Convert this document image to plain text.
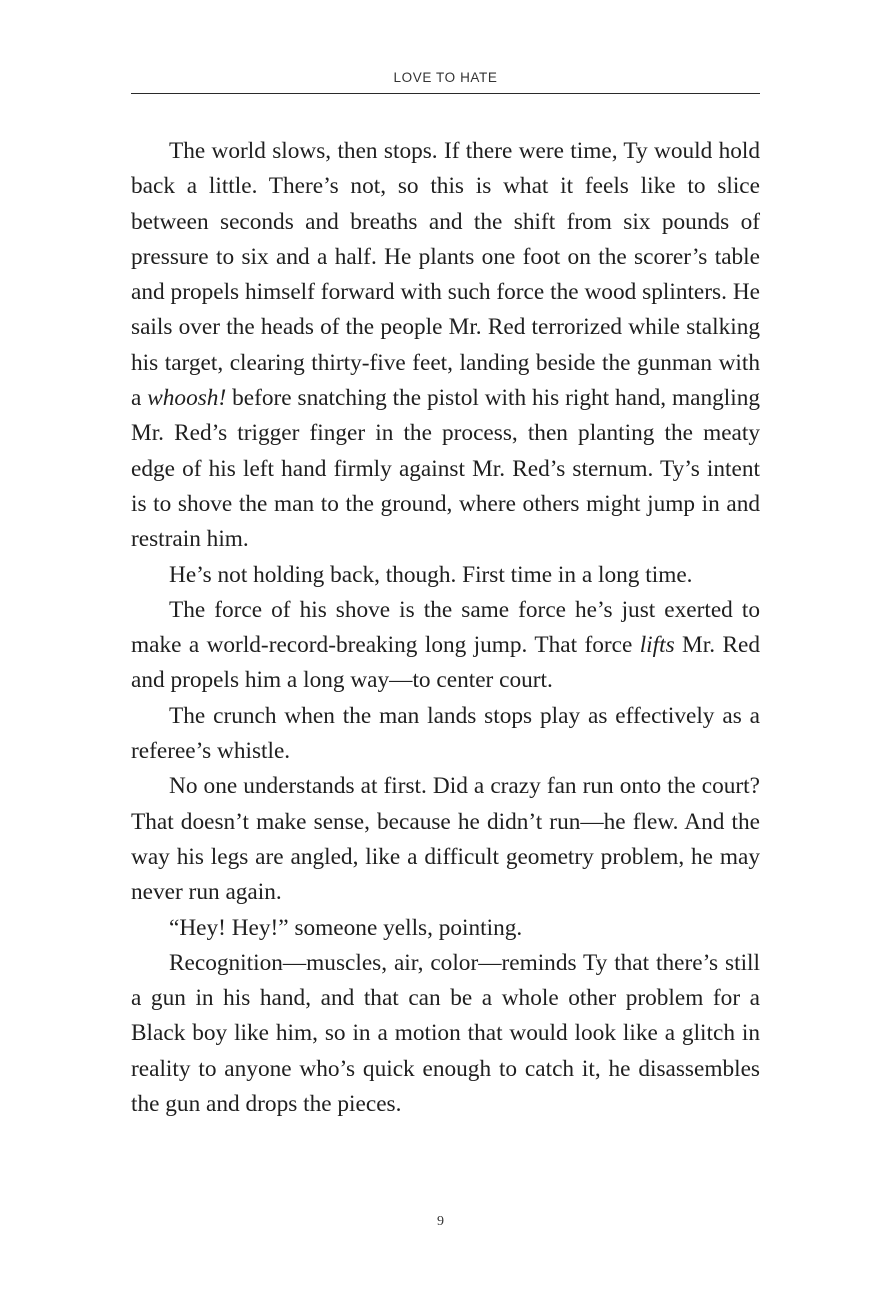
LOVE TO HATE

The world slows, then stops. If there were time, Ty would hold back a little. There’s not, so this is what it feels like to slice between seconds and breaths and the shift from six pounds of pressure to six and a half. He plants one foot on the scorer’s table and propels himself forward with such force the wood splinters. He sails over the heads of the people Mr. Red terrorized while stalking his target, clearing thirty-five feet, landing beside the gunman with a whoosh! before snatching the pistol with his right hand, mangling Mr. Red’s trigger finger in the process, then planting the meaty edge of his left hand firmly against Mr. Red’s sternum. Ty’s intent is to shove the man to the ground, where others might jump in and restrain him.

He’s not holding back, though. First time in a long time.

The force of his shove is the same force he’s just exerted to make a world-record-breaking long jump. That force lifts Mr. Red and propels him a long way—to center court.

The crunch when the man lands stops play as effectively as a referee’s whistle.

No one understands at first. Did a crazy fan run onto the court? That doesn’t make sense, because he didn’t run—he flew. And the way his legs are angled, like a difficult geometry problem, he may never run again.

“Hey! Hey!” someone yells, pointing.

Recognition—muscles, air, color—reminds Ty that there’s still a gun in his hand, and that can be a whole other problem for a Black boy like him, so in a motion that would look like a glitch in reality to anyone who’s quick enough to catch it, he disassembles the gun and drops the pieces.

9
